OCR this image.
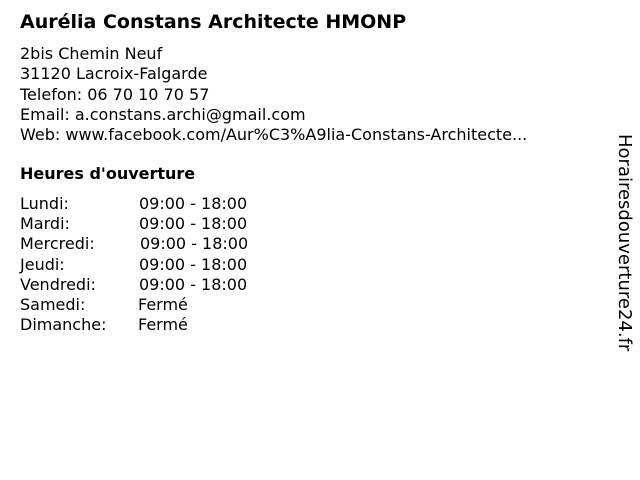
Aurélia Constans Architecte HMONP
2bis Chemin Neuf
31120 Lacroix-Falgarde
Telefon: 06 70 10 70 57
Email: a.constans.archi@gmail.com
Web: www.facebook.com/Aur%C3%A9lia-Constans-Architecte...
Heures d'ouverture
Lundi:	09:00 - 18:00
Mardi:	09:00 - 18:00
Mercredi:	09:00 - 18:00
Jeudi:	09:00 - 18:00
Vendredi:	09:00 - 18:00
Samedi:	Fermé
Dimanche: Fermé	Horairesdouverture24.fr
